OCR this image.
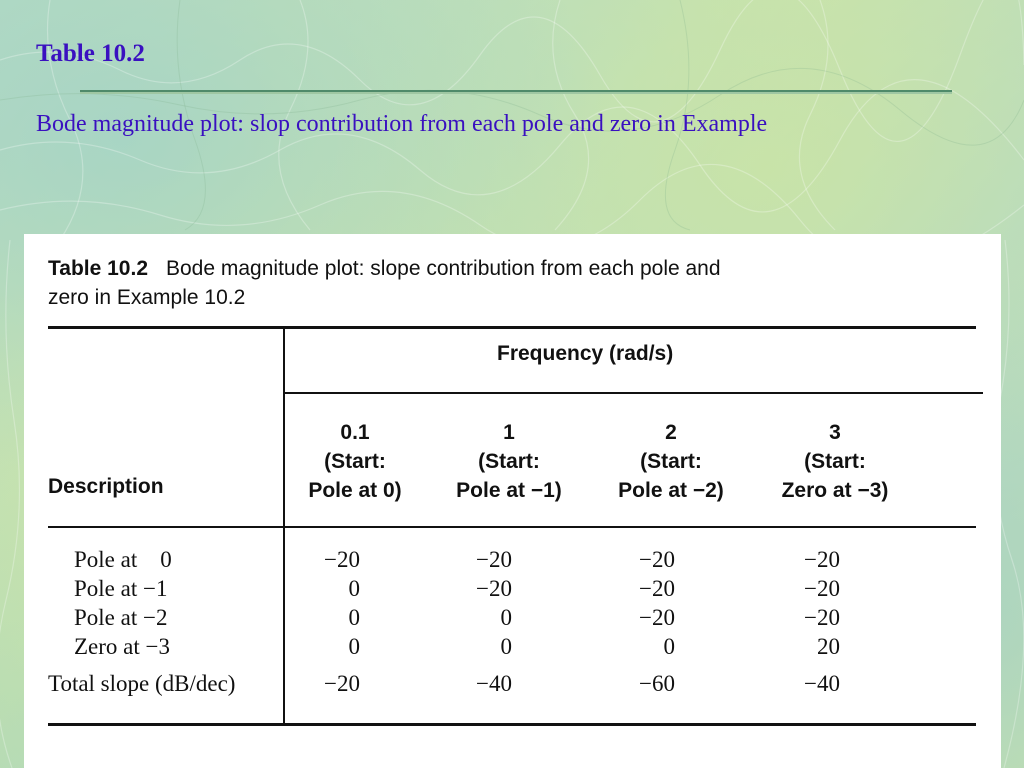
Table 10.2

Bode magnitude plot: slop contribution from each pole and zero in Example

Table 10.2 Bode magnitude plot: slope contribution from each pole and
zero in Example 10.2

Frequency (rad/s)
Description
0.1
(Start:
Pole at 0)
1
(Start:
Pole at −1)
2
(Start:
Pole at −2)
3
(Start:
Zero at −3)
Pole at    0	−20	−20	−20	−20
Pole at −1	0	−20	−20	−20
Pole at −2	0	0	−20	−20
Zero at −3	0	0	0	20
Total slope (dB/dec)	−20	−40	−60	−40
